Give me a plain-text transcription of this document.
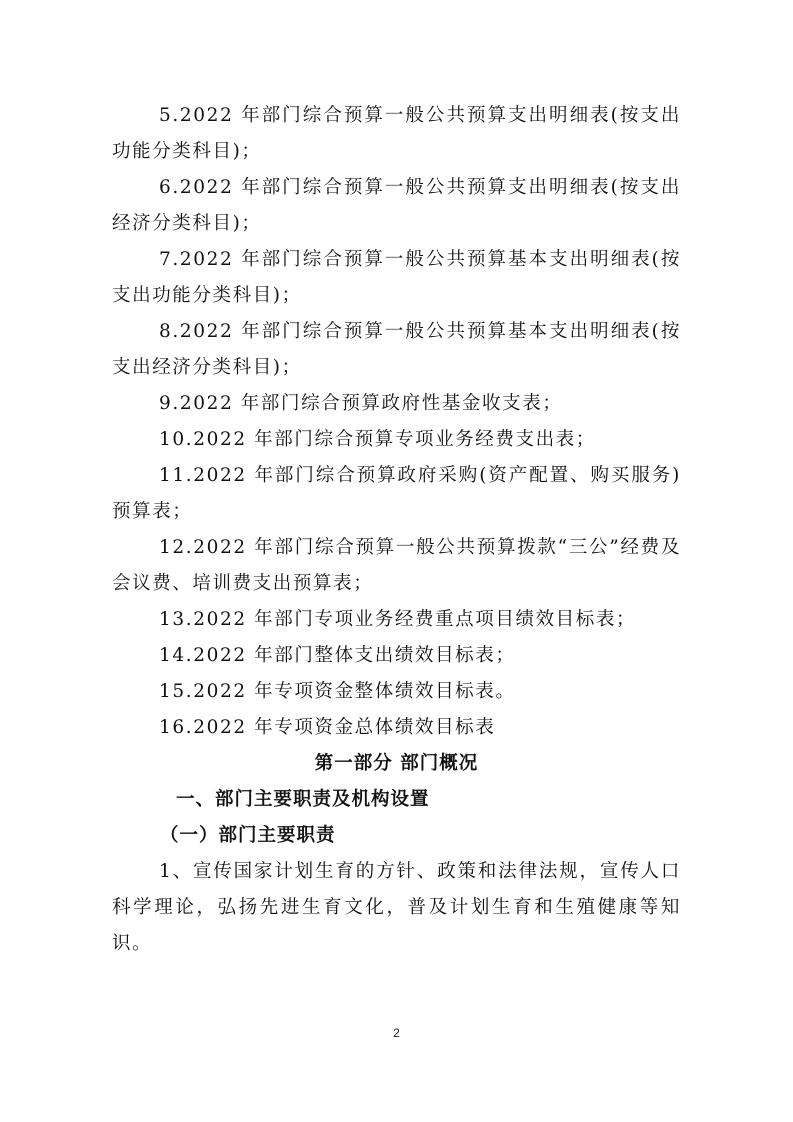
5.2022 年部门综合预算一般公共预算支出明细表(按支出功能分类科目)；

6.2022 年部门综合预算一般公共预算支出明细表(按支出经济分类科目)；

7.2022 年部门综合预算一般公共预算基本支出明细表(按支出功能分类科目)；

8.2022 年部门综合预算一般公共预算基本支出明细表(按支出经济分类科目)；

9.2022 年部门综合预算政府性基金收支表；

10.2022 年部门综合预算专项业务经费支出表；

11.2022 年部门综合预算政府采购(资产配置、购买服务)预算表；

12.2022 年部门综合预算一般公共预算拨款“三公”经费及会议费、培训费支出预算表；

13.2022 年部门专项业务经费重点项目绩效目标表；

14.2022 年部门整体支出绩效目标表；

15.2022 年专项资金整体绩效目标表。

16.2022 年专项资金总体绩效目标表

第一部分 部门概况

一、部门主要职责及机构设置

（一）部门主要职责

1、宣传国家计划生育的方针、政策和法律法规，宣传人口科学理论，弘扬先进生育文化，普及计划生育和生殖健康等知识。

2
